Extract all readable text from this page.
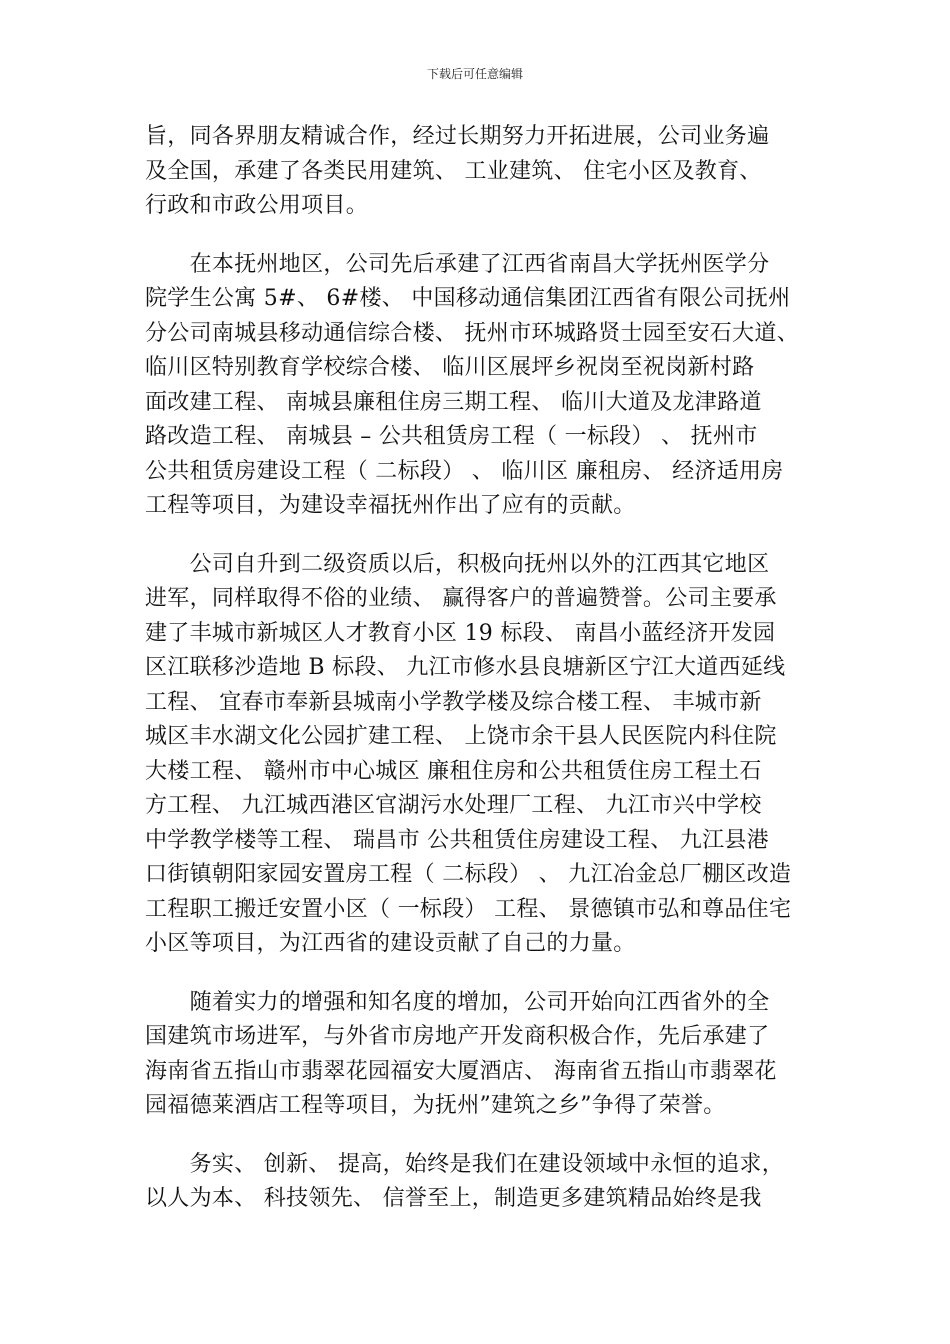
下载后可任意编辑

旨，同各界朋友精诚合作，经过长期努力开拓进展，公司业务遍
及全国，承建了各类民用建筑、 工业建筑、 住宅小区及教育、
行政和市政公用项目。

　　在本抚州地区，公司先后承建了江西省南昌大学抚州医学分
院学生公寓 5#、 6#楼、 中国移动通信集团江西省有限公司抚州
分公司南城县移动通信综合楼、 抚州市环城路贤士园至安石大道、
临川区特别教育学校综合楼、 临川区展坪乡祝岗至祝岗新村路
面改建工程、 南城县廉租住房三期工程、 临川大道及龙津路道
路改造工程、 南城县 – 公共租赁房工程（ 一标段） 、 抚州市
公共租赁房建设工程（ 二标段） 、 临川区 廉租房、 经济适用房
工程等项目，为建设幸福抚州作出了应有的贡献。

　　公司自升到二级资质以后，积极向抚州以外的江西其它地区
进军，同样取得不俗的业绩、 赢得客户的普遍赞誉。公司主要承
建了丰城市新城区人才教育小区 19 标段、 南昌小蓝经济开发园
区江联移沙造地 B 标段、 九江市修水县良塘新区宁江大道西延线
工程、 宜春市奉新县城南小学教学楼及综合楼工程、 丰城市新
城区丰水湖文化公园扩建工程、 上饶市余干县人民医院内科住院
大楼工程、 赣州市中心城区 廉租住房和公共租赁住房工程土石
方工程、 九江城西港区官湖污水处理厂工程、 九江市兴中学校
中学教学楼等工程、 瑞昌市 公共租赁住房建设工程、 九江县港
口街镇朝阳家园安置房工程（ 二标段） 、 九江冶金总厂棚区改造
工程职工搬迁安置小区（ 一标段） 工程、 景德镇市弘和尊品住宅
小区等项目，为江西省的建设贡献了自己的力量。

　　随着实力的增强和知名度的增加，公司开始向江西省外的全
国建筑市场进军，与外省市房地产开发商积极合作，先后承建了
海南省五指山市翡翠花园福安大厦酒店、 海南省五指山市翡翠花
园福德莱酒店工程等项目，为抚州”建筑之乡”争得了荣誉。

　　务实、 创新、 提高，始终是我们在建设领域中永恒的追求，
以人为本、 科技领先、 信誉至上，制造更多建筑精品始终是我
